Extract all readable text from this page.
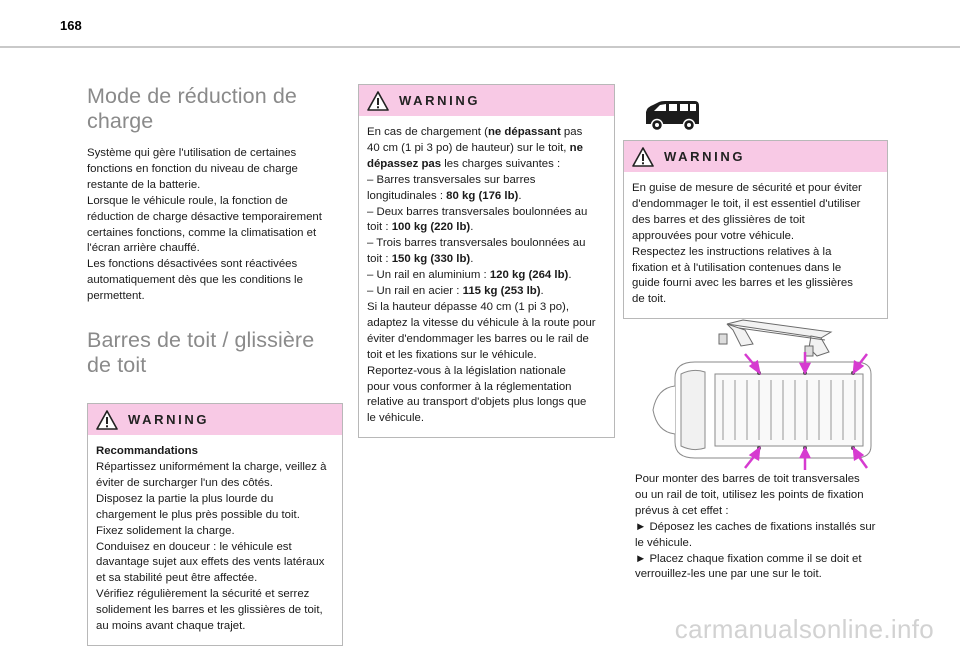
168
Mode de réduction de
charge
Système qui gère l'utilisation de certaines
fonctions en fonction du niveau de charge
restante de la batterie.
Lorsque le véhicule roule, la fonction de
réduction de charge désactive temporairement
certaines fonctions, comme la climatisation et
l'écran arrière chauffé.
Les fonctions désactivées sont réactivées
automatiquement dès que les conditions le
permettent.
Barres de toit / glissière
de toit
WARNING
Recommandations
Répartissez uniformément la charge, veillez à
éviter de surcharger l'un des côtés.
Disposez la partie la plus lourde du
chargement le plus près possible du toit.
Fixez solidement la charge.
Conduisez en douceur : le véhicule est
davantage sujet aux effets des vents latéraux
et sa stabilité peut être affectée.
Vérifiez régulièrement la sécurité et serrez
solidement les barres et les glissières de toit,
au moins avant chaque trajet.
WARNING
En cas de chargement (ne dépassant pas
40 cm (1 pi 3 po) de hauteur) sur le toit, ne
dépassez pas les charges suivantes :
– Barres transversales sur barres
longitudinales : 80 kg (176 lb).
– Deux barres transversales boulonnées au
toit : 100 kg (220 lb).
– Trois barres transversales boulonnées au
toit : 150 kg (330 lb).
– Un rail en aluminium : 120 kg (264 lb).
– Un rail en acier : 115 kg (253 lb).
Si la hauteur dépasse 40 cm (1 pi 3 po),
adaptez la vitesse du véhicule à la route pour
éviter d'endommager les barres ou le rail de
toit et les fixations sur le véhicule.
Reportez-vous à la législation nationale
pour vous conformer à la réglementation
relative au transport d'objets plus longs que
le véhicule.
WARNING
En guise de mesure de sécurité et pour éviter
d'endommager le toit, il est essentiel d'utiliser
des barres et des glissières de toit
approuvées pour votre véhicule.
Respectez les instructions relatives à la
fixation et à l'utilisation contenues dans le
guide fourni avec les barres et les glissières
de toit.
Pour monter des barres de toit transversales
ou un rail de toit, utilisez les points de fixation
prévus à cet effet :
► Déposez les caches de fixations installés sur
le véhicule.
► Placez chaque fixation comme il se doit et
verrouillez-les une par une sur le toit.
carmanualsonline.info
